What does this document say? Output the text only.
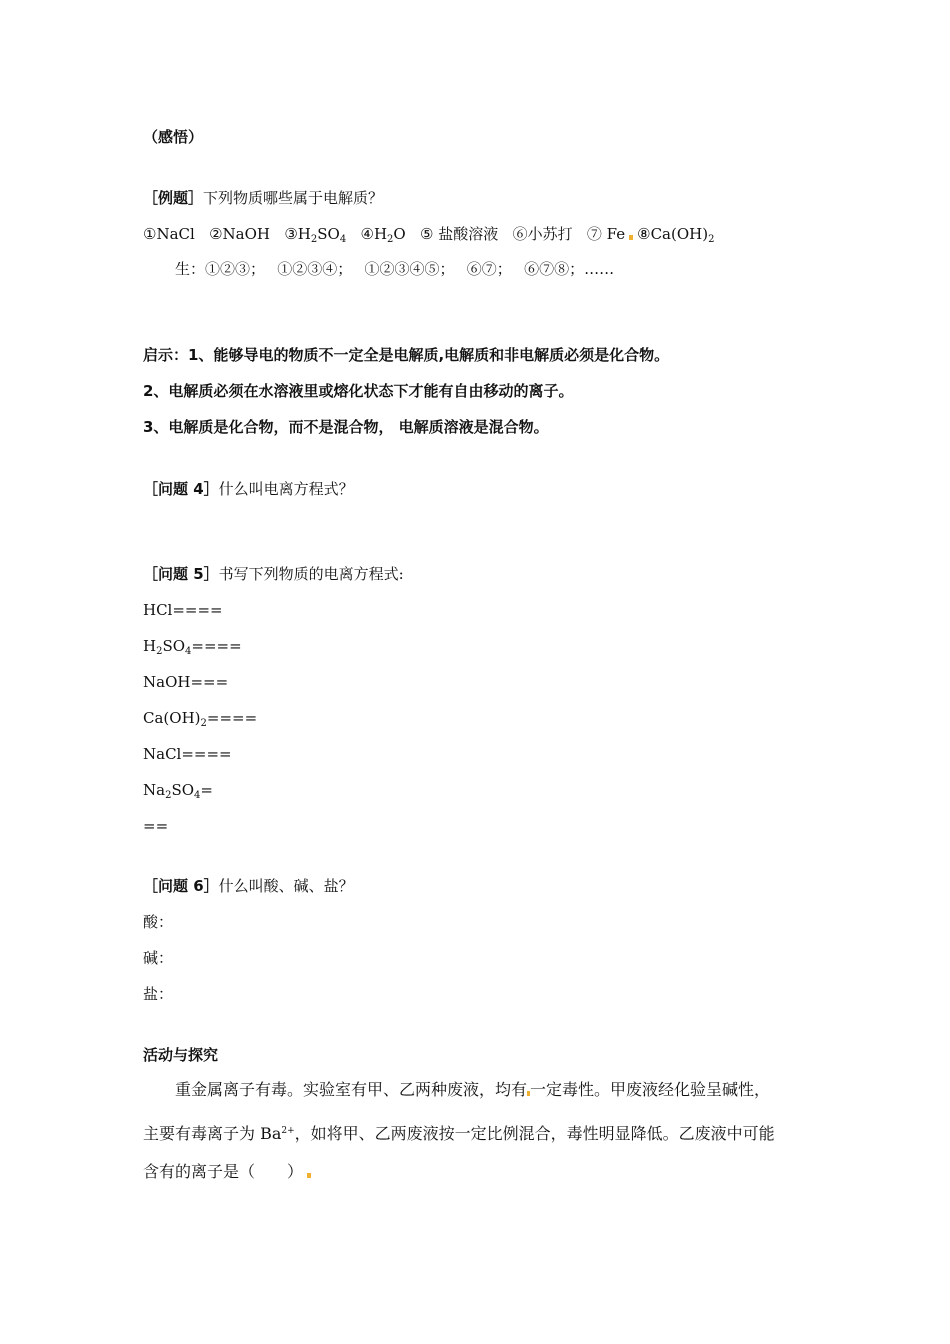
（感悟）
［例题］下列物质哪些属于电解质？
①NaCl ②NaOH $③H_2SO_4$ $④H_2O$ ⑤ 盐酸溶液 ⑥小苏打 ⑦ Fe $⑧Ca(OH)_2$
生：①②③；　 ①②③④；　 ①②③④⑤；　 ⑥⑦；　 ⑥⑦⑧；……
启示：1、能够导电的物质不一定全是电解质,电解质和非电解质必须是化合物。
2、电解质必须在水溶液里或熔化状态下才能有自由移动的离子。
3、电解质是化合物，而不是混合物， 电解质溶液是混合物。
［问题 4］什么叫电离方程式？
［问题 5］书写下列物质的电离方程式:
HCl====
$H_2SO_4====$
NaOH===
$Ca(OH)_2====$
NaCl====
$Na_2SO_4=$
==
［问题 6］什么叫酸、碱、盐？
酸：
碱：
盐：
活动与探究
重金属离子有毒。实验室有甲、乙两种废液，均有 一定毒性。甲废液经化验呈碱性，
主要有毒离子为 $Ba^{2+}$，如将甲、乙两废液按一定比例混合，毒性明显降低。乙废液中可能
含有的离子是（　　）
